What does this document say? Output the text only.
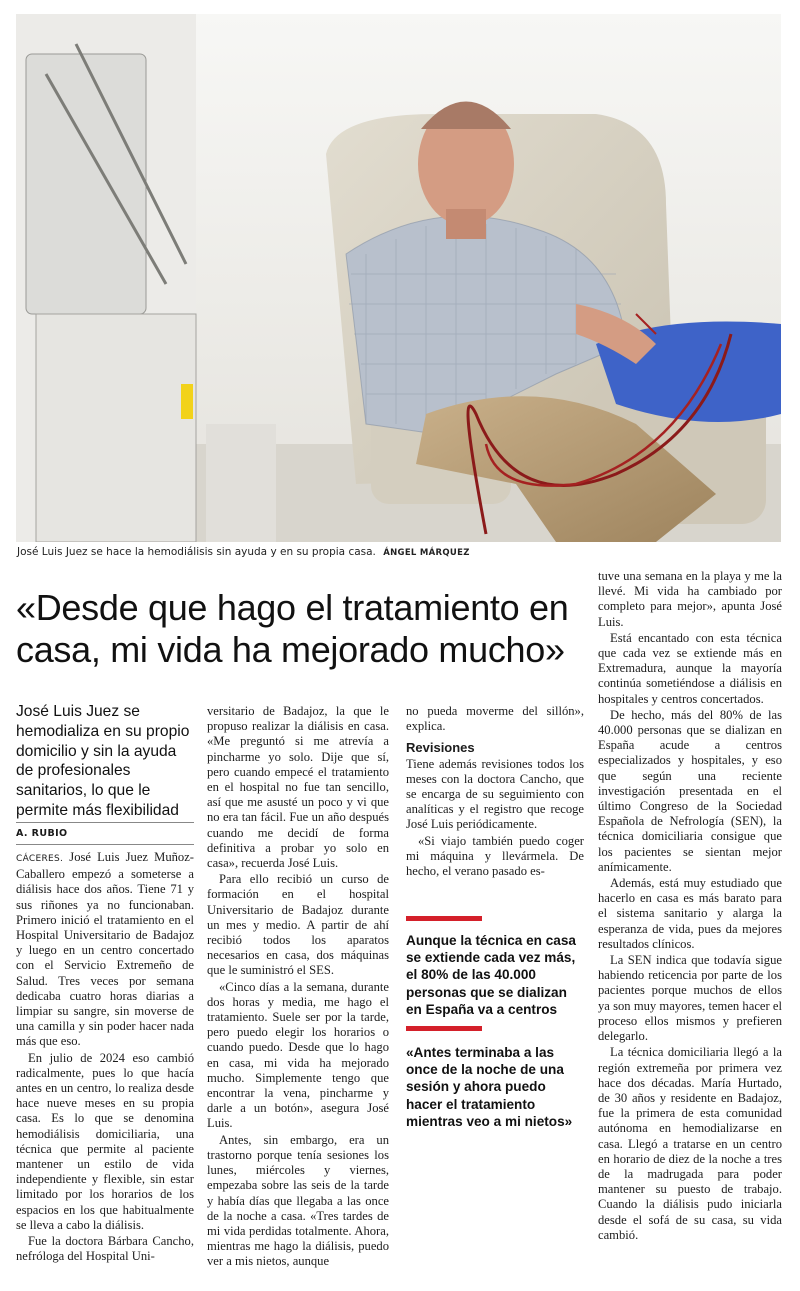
José Luis Juez se hace la hemodiálisis sin ayuda y en su propia casa. ÁNGEL MÁRQUEZ
«Desde que hago el tratamiento en
casa, mi vida ha mejorado mucho»
José Luis Juez se hemodializa en su propio domicilio y sin la ayuda de profesionales sanitarios, lo que le permite más flexibilidad
A. RUBIO

CÁCERES. José Luis Juez Muñoz-Caballero empezó a someterse a diálisis hace dos años. Tiene 71 y sus riñones ya no funcionaban. Primero inició el tratamiento en el Hospital Universitario de Badajoz y luego en un centro concertado con el Servicio Extremeño de Salud. Tres veces por semana dedicaba cuatro horas diarias a limpiar su sangre, sin moverse de una camilla y sin poder hacer nada más que eso.

En julio de 2024 eso cambió radicalmente, pues lo que hacía antes en un centro, lo realiza desde hace nueve meses en su propia casa. Es lo que se denomina hemodiálisis domiciliaria, una técnica que permite al paciente mantener un estilo de vida independiente y flexible, sin estar limitado por los horarios de los espacios en los que habitualmente se lleva a cabo la diálisis.

Fue la doctora Bárbara Cancho, nefróloga del Hospital Uni-

versitario de Badajoz, la que le propuso realizar la diálisis en casa. «Me preguntó si me atrevía a pincharme yo solo. Dije que sí, pero cuando empecé el tratamiento en el hospital no fue tan sencillo, así que me asusté un poco y vi que no era tan fácil. Fue un año después cuando me decidí de forma definitiva a probar yo solo en casa», recuerda José Luis.

Para ello recibió un curso de formación en el hospital Universitario de Badajoz durante un mes y medio. A partir de ahí recibió todos los aparatos necesarios en casa, dos máquinas que le suministró el SES.

«Cinco días a la semana, durante dos horas y media, me hago el tratamiento. Suele ser por la tarde, pero puedo elegir los horarios o cuando puedo. Desde que lo hago en casa, mi vida ha mejorado mucho. Simplemente tengo que encontrar la vena, pincharme y darle a un botón», asegura José Luis.

Antes, sin embargo, era un trastorno porque tenía sesiones los lunes, miércoles y viernes, empezaba sobre las seis de la tarde y había días que llegaba a las once de la noche a casa. «Tres tardes de mi vida perdidas totalmente. Ahora, mientras me hago la diálisis, puedo ver a mis nietos, aunque

no pueda moverme del sillón», explica.

Revisiones

Tiene además revisiones todos los meses con la doctora Cancho, que se encarga de su seguimiento con analíticas y el registro que recoge José Luis periódicamente.

«Si viajo también puedo coger mi máquina y llevármela. De hecho, el verano pasado es-

Aunque la técnica en casa se extiende cada vez más, el 80% de las 40.000 personas que se dializan en España va a centros
«Antes terminaba a las once de la noche de una sesión y ahora puedo hacer el tratamiento mientras veo a mi nietos»

tuve una semana en la playa y me la llevé. Mi vida ha cambiado por completo para mejor», apunta José Luis.

Está encantado con esta técnica que cada vez se extiende más en Extremadura, aunque la mayoría continúa sometiéndose a diálisis en hospitales y centros concertados.

De hecho, más del 80% de las 40.000 personas que se dializan en España acude a centros especializados y hospitales, y eso que según una reciente investigación presentada en el último Congreso de la Sociedad Española de Nefrología (SEN), la técnica domiciliaria consigue que los pacientes se sientan mejor anímicamente.

Además, está muy estudiado que hacerlo en casa es más barato para el sistema sanitario y alarga la esperanza de vida, pues da mejores resultados clínicos.

La SEN indica que todavía sigue habiendo reticencia por parte de los pacientes porque muchos de ellos ya son muy mayores, temen hacer el proceso ellos mismos y prefieren delegarlo.

La técnica domiciliaria llegó a la región extremeña por primera vez hace dos décadas. María Hurtado, de 30 años y residente en Badajoz, fue la primera de esta comunidad autónoma en hemodializarse en casa. Llegó a tratarse en un centro en horario de diez de la noche a tres de la madrugada para poder mantener su puesto de trabajo. Cuando la diálisis pudo iniciarla desde el sofá de su casa, su vida cambió.
